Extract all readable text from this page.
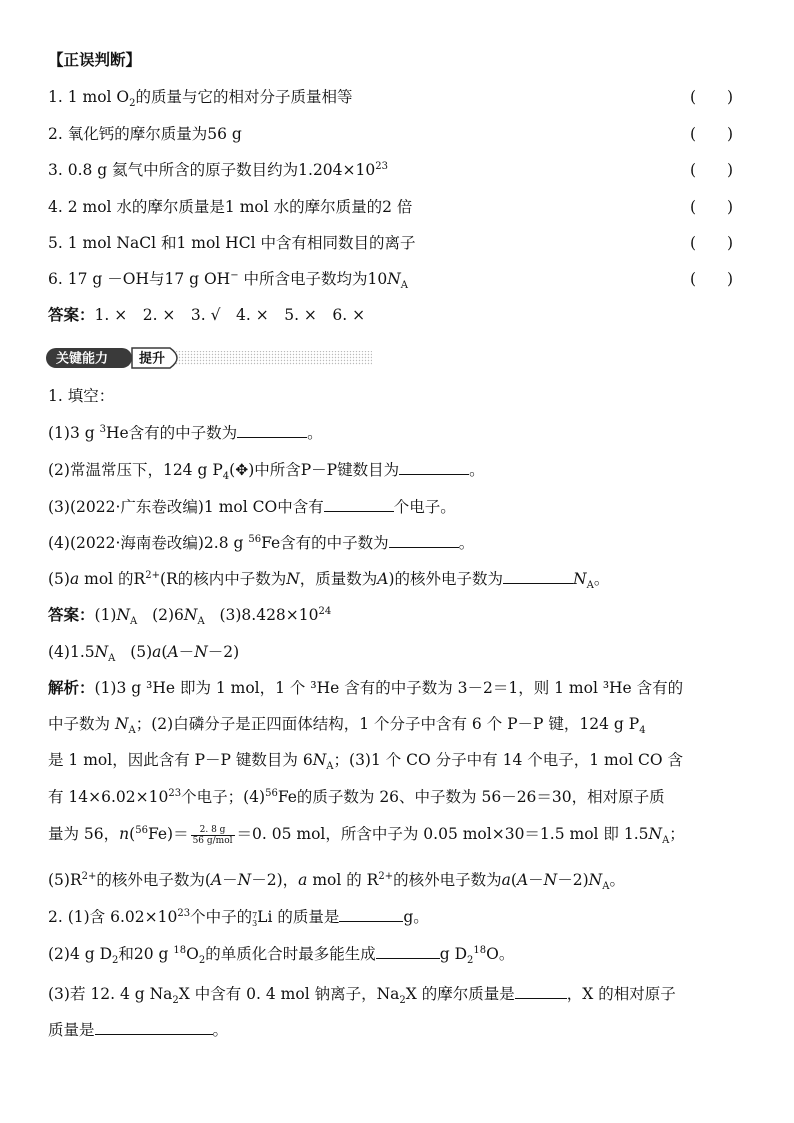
【正误判断】
1. 1 mol $O_2$的质量与它的相对分子质量相等	(　　)
2. 氧化钙的摩尔质量为56 g	(　　)
3. 0.8 g 氦气中所含的原子数目约为$1.204\times 10^{23}$	(　　)
4. 2 mol 水的摩尔质量是1 mol 水的摩尔质量的2 倍	(　　)
5. 1 mol NaCl 和1 mol HCl 中含有相同数目的离子	(　　)
6. 17 g －OH与17 g OH− 中所含电子数均为$10N_A$	(　　)
答案：1. ×　2. ×　3. √　4. ×　5. ×　6. ×
关键能力 提升
1. 填空：
(1)3 g $^3$He含有的中子数为	。
(2)常温常压下，124 g $P_4(✥)$中所含P－P键数目为	。
(3)(2022·广东卷改编)1 mol CO中含有	个电子。
(4)(2022·海南卷改编)2.8 g $^{56}$Fe含有的中子数为	。
(5)a mol 的$R^{2+}(R$的核内中子数为N，质量数为A)的核外电子数为	$N_A$。
答案：$(1)N_A$ $(2)6N_A$ $(3)8.428\times 10^{24}$
$(4)1.5N_A$ (5)a(A－N－2)
解析：(1)3 g ³He 即为 1 mol，1 个 ³He 含有的中子数为 3－2＝1，则 1 mol ³He 含有的
中子数为 $N_A$；(2)白磷分子是正四面体结构，1 个分子中含有 6 个 P－P 键，124 g $P_4$
是 1 mol，因此含有 P－P 键数目为 $6N_A$；(3)1 个 CO 分子中有 14 个电子，1 mol CO 含
有 $14\times 6.02\times 10^{23}$个电子；$(4)^{56}Fe$的质子数为 26、中子数为 56－26＝30，相对原子质
量为 56，$n(^{56}Fe)= \frac{2. 8 g}{\text{56 g/mol}} =0$. 05 mol，所含中子为 0.05 mol×30＝1.5 mol 即 $1.5N_A$；
$(5)R^{2+}$的核外电子数为(A－N－2)，a mol 的 $R^{2+}$的核外电子数为$a(A-N-2)N_A$。
2. (1)含 $6.02\times 10^{23}$个中子的 7
3 Li 的质量是	g。
(2)4 g $D_2$和20 g $^{18}O_2$的单质化合时最多能生成	g $D_2^{18}O$。
(3)若 12. 4 g $Na_2X$ 中含有 0. 4 mol 钠离子，$Na_2X$ 的摩尔质量是	，X 的相对原子
质量是	。
